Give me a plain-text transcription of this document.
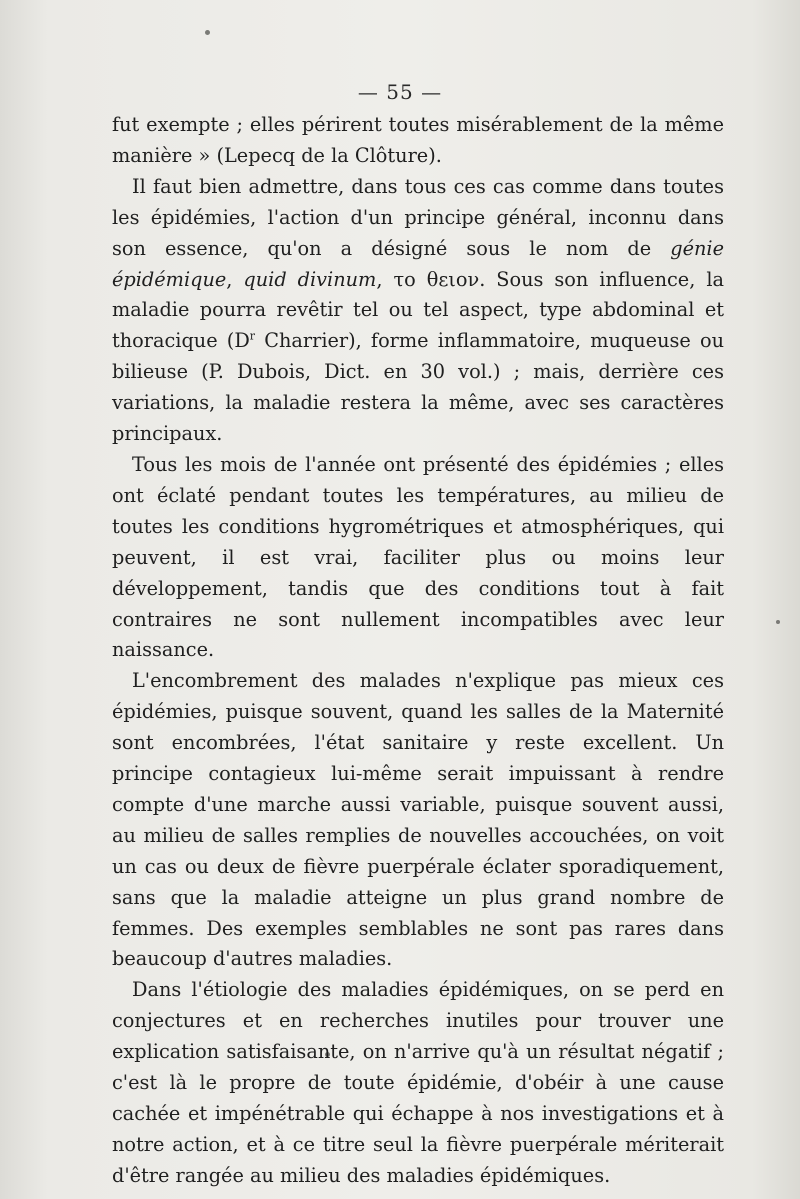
— 55 —

fut exempte ; elles périrent toutes misérablement de la même manière » (Lepecq de la Clôture).

Il faut bien admettre, dans tous ces cas comme dans toutes les épidémies, l'action d'un principe général, inconnu dans son essence, qu'on a désigné sous le nom de génie épidémique, quid divinum, το θειον. Sous son influence, la maladie pourra revêtir tel ou tel aspect, type abdominal et thoracique ($D^r$ Charrier), forme inflammatoire, muqueuse ou bilieuse (P. Dubois, Dict. en 30 vol.) ; mais, derrière ces variations, la maladie restera la même, avec ses caractères principaux.

Tous les mois de l'année ont présenté des épidémies ; elles ont éclaté pendant toutes les températures, au milieu de toutes les conditions hygrométriques et atmosphériques, qui peuvent, il est vrai, faciliter plus ou moins leur développement, tandis que des conditions tout à fait contraires ne sont nullement incompatibles avec leur naissance.

L'encombrement des malades n'explique pas mieux ces épidémies, puisque souvent, quand les salles de la Maternité sont encombrées, l'état sanitaire y reste excellent. Un principe contagieux lui-même serait impuissant à rendre compte d'une marche aussi variable, puisque souvent aussi, au milieu de salles remplies de nouvelles accouchées, on voit un cas ou deux de fièvre puerpérale éclater sporadiquement, sans que la maladie atteigne un plus grand nombre de femmes. Des exemples semblables ne sont pas rares dans beaucoup d'autres maladies.

Dans l'étiologie des maladies épidémiques, on se perd en conjectures et en recherches inutiles pour trouver une explication satisfaisante, on n'arrive qu'à un résultat négatif ; c'est là le propre de toute épidémie, d'obéir à une cause cachée et impénétrable qui échappe à nos investigations et à notre action, et à ce titre seul la fièvre puerpérale mériterait d'être rangée au milieu des maladies épidémiques.
